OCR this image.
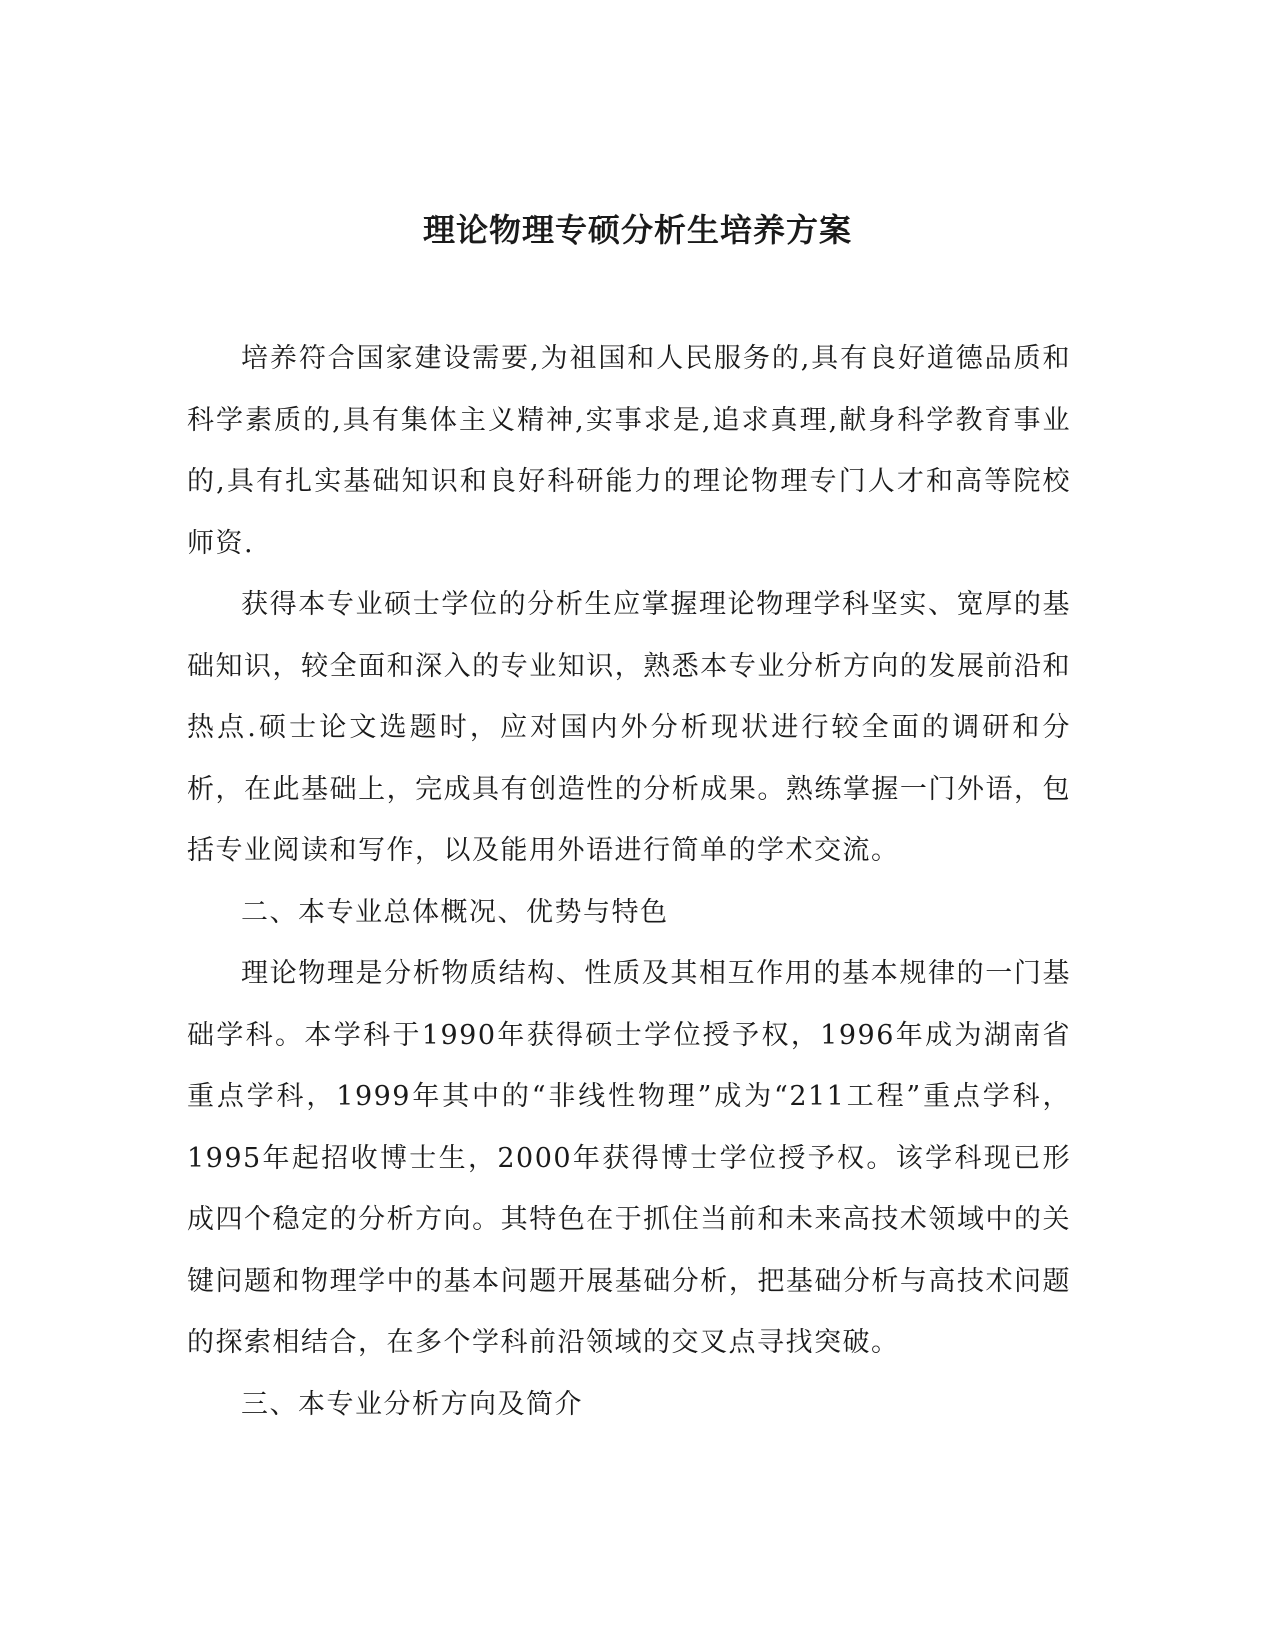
理论物理专硕分析生培养方案

培养符合国家建设需要,为祖国和人民服务的,具有良好道德品质和科学素质的,具有集体主义精神,实事求是,追求真理,献身科学教育事业的,具有扎实基础知识和良好科研能力的理论物理专门人才和高等院校师资.

获得本专业硕士学位的分析生应掌握理论物理学科坚实、宽厚的基础知识，较全面和深入的专业知识，熟悉本专业分析方向的发展前沿和热点.硕士论文选题时，应对国内外分析现状进行较全面的调研和分析，在此基础上，完成具有创造性的分析成果。熟练掌握一门外语，包括专业阅读和写作，以及能用外语进行简单的学术交流。

二、本专业总体概况、优势与特色

理论物理是分析物质结构、性质及其相互作用的基本规律的一门基础学科。本学科于1990年获得硕士学位授予权，1996年成为湖南省重点学科，1999年其中的“非线性物理”成为“211工程”重点学科，1995年起招收博士生，2000年获得博士学位授予权。该学科现已形成四个稳定的分析方向。其特色在于抓住当前和未来高技术领域中的关键问题和物理学中的基本问题开展基础分析，把基础分析与高技术问题的探索相结合，在多个学科前沿领域的交叉点寻找突破。

三、本专业分析方向及简介
